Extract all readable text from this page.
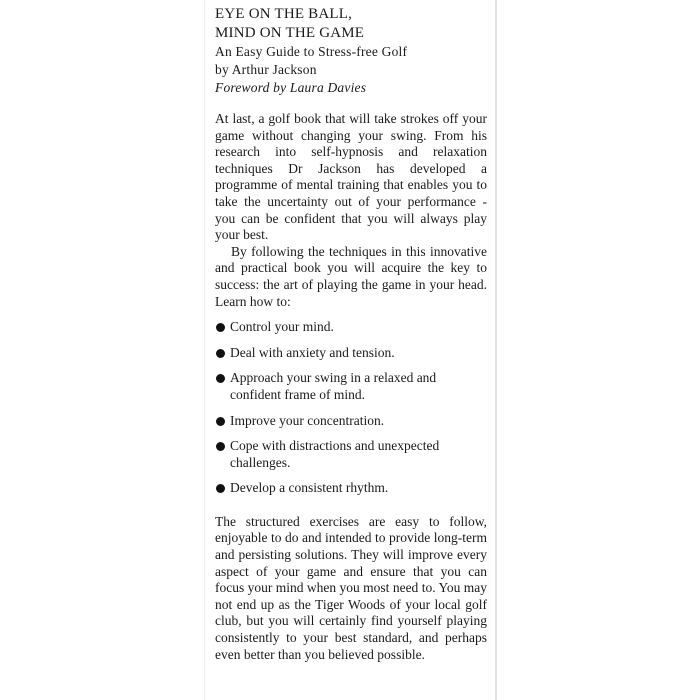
EYE ON THE BALL,
MIND ON THE GAME
An Easy Guide to Stress-free Golf
by Arthur Jackson
Foreword by Laura Davies

At last, a golf book that will take strokes off your game without changing your swing. From his research into self-hypnosis and relaxation techniques Dr Jackson has developed a programme of mental training that enables you to take the uncertainty out of your performance - you can be confident that you will always play your best.

By following the techniques in this innovative and practical book you will acquire the key to success: the art of playing the game in your head. Learn how to:

Control your mind.
Deal with anxiety and tension.
Approach your swing in a relaxed and confident frame of mind.
Improve your concentration.
Cope with distractions and unexpected challenges.
Develop a consistent rhythm.

The structured exercises are easy to follow, enjoyable to do and intended to provide long-term and persisting solutions. They will improve every aspect of your game and ensure that you can focus your mind when you most need to. You may not end up as the Tiger Woods of your local golf club, but you will certainly find yourself playing consistently to your best standard, and perhaps even better than you believed possible.
